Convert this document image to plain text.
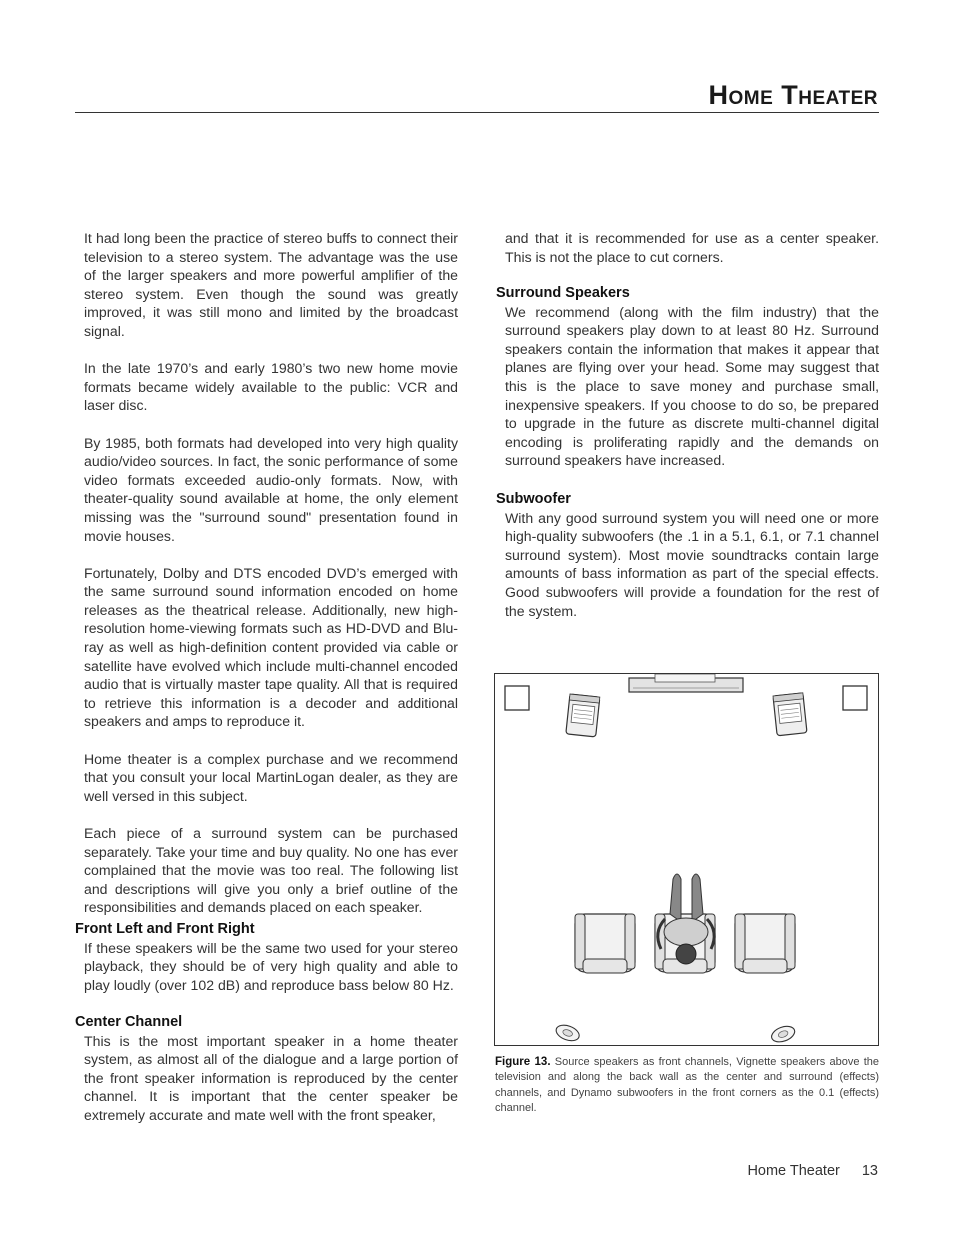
Home Theater

It had long been the practice of stereo buffs to connect their television to a stereo system. The advantage was the use of the larger speakers and more powerful amplifier of the stereo system. Even though the sound was greatly improved, it was still mono and limited by the broadcast signal.

In the late 1970’s and early 1980’s two new home movie formats became widely available to the public: VCR and laser disc.

By 1985, both formats had developed into very high quality audio/video sources. In fact, the sonic performance of some video formats exceeded audio-only formats. Now, with theater-quality sound available at home, the only element missing was the "surround sound" presentation found in movie houses.

Fortunately, Dolby and DTS encoded DVD’s emerged with the same surround sound information encoded on home releases as the theatrical release. Additionally, new high-resolution home-viewing formats such as HD-DVD and Blu-ray as well as high-definition content provided via cable or satellite have evolved which include multi-channel encoded audio that is virtually master tape quality. All that is required to retrieve this information is a decoder and additional speakers and amps to reproduce it.

Home theater is a complex purchase and we recommend that you consult your local MartinLogan dealer, as they are well versed in this subject.

Each piece of a surround system can be purchased separately. Take your time and buy quality. No one has ever complained that the movie was too real. The following list and descriptions will give you only a brief outline of the responsibilities and demands placed on each speaker.

Front Left and Front Right

If these speakers will be the same two used for your stereo playback, they should be of very high quality and able to play loudly (over 102 dB) and reproduce bass below 80 Hz.

Center Channel

This is the most important speaker in a home theater system, as almost all of the dialogue and a large portion of the front speaker information is reproduced by the center channel. It is important that the center speaker be extremely accurate and mate well with the front speaker,

and that it is recommended for use as a center speaker. This is not the place to cut corners.

Surround Speakers

We recommend (along with the film industry) that the surround speakers play down to at least 80 Hz. Surround speakers contain the information that makes it appear that planes are flying over your head. Some may suggest that this is the place to save money and purchase small, inexpensive speakers. If you choose to do so, be prepared to upgrade in the future as discrete multi-channel digital encoding is proliferating rapidly and the demands on surround speakers have increased.

Subwoofer

With any good surround system you will need one or more high-quality subwoofers (the .1 in a 5.1, 6.1, or 7.1 channel surround system). Most movie soundtracks contain large amounts of bass information as part of the special effects. Good subwoofers will provide a foundation for the rest of the system.

Figure 13. Source speakers as front channels, Vignette speakers above the television and along the back wall as the center and surround (effects) channels, and Dynamo subwoofers in the front corners as the 0.1 (effects) channel.
Home Theater 13
